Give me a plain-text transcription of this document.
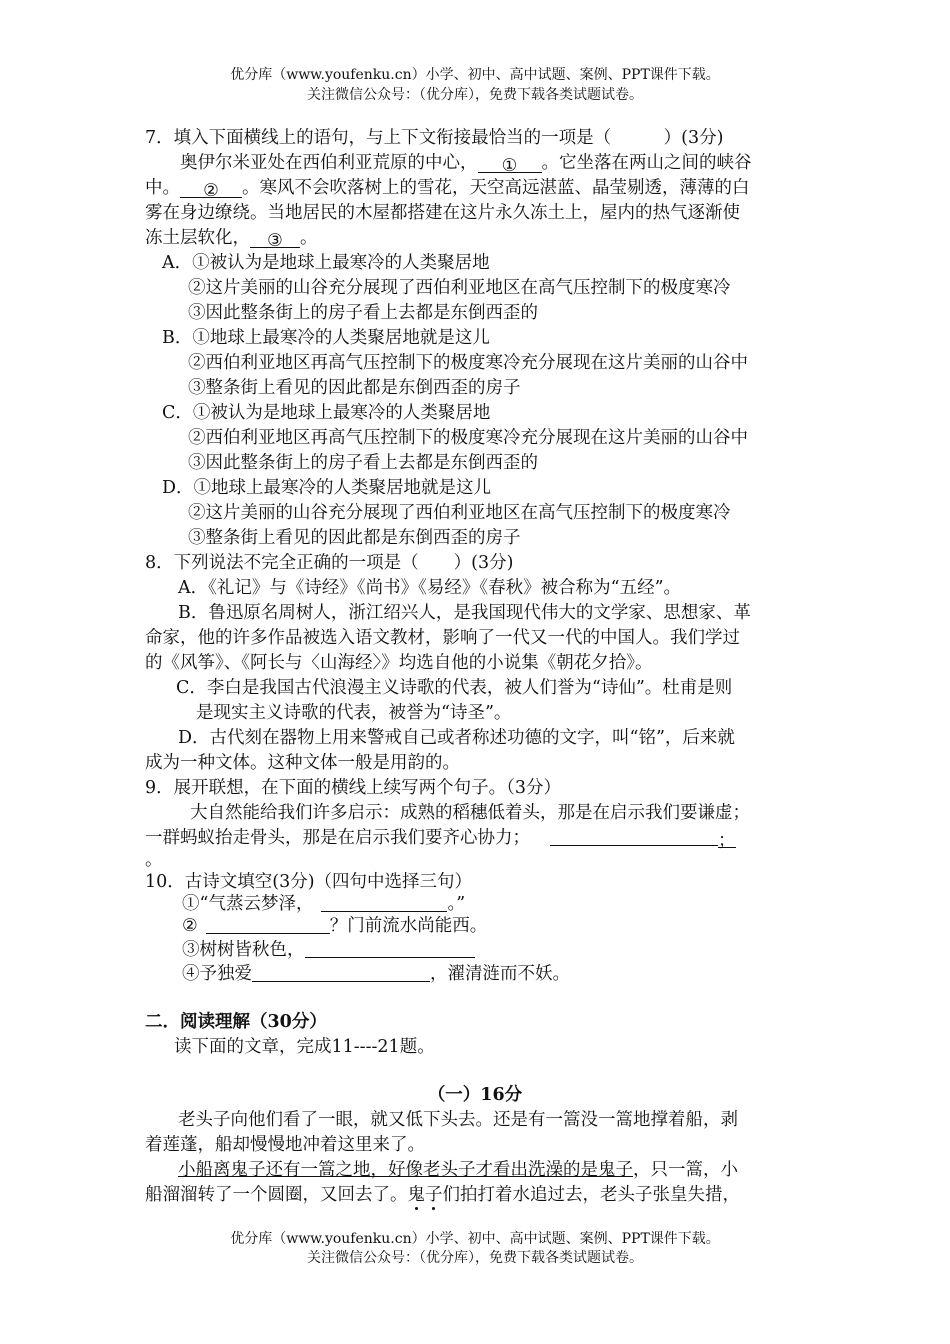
优分库（www.youfenku.cn）小学、初中、高中试题、案例、PPT课件下载。
关注微信公众号：（优分库），免费下载各类试题试卷。
7．填入下面横线上的语句，与上下文衔接最恰当的一项是（　　　）(3分)
奥伊尔米亚处在西伯利亚荒原的中心， ① 。它坐落在两山之间的峡谷
中。 ② 。寒风不会吹落树上的雪花，天空高远湛蓝、晶莹剔透，薄薄的白
雾在身边缭绕。当地居民的木屋都搭建在这片永久冻土上，屋内的热气逐渐使
冻土层软化， ③ 。
A．①被认为是地球上最寒冷的人类聚居地
②这片美丽的山谷充分展现了西伯利亚地区在高气压控制下的极度寒冷
③因此整条街上的房子看上去都是东倒西歪的
B．①地球上最寒冷的人类聚居地就是这儿
②西伯利亚地区再高气压控制下的极度寒冷充分展现在这片美丽的山谷中
③整条街上看见的因此都是东倒西歪的房子
C．①被认为是地球上最寒冷的人类聚居地
②西伯利亚地区再高气压控制下的极度寒冷充分展现在这片美丽的山谷中
③因此整条街上的房子看上去都是东倒西歪的
D．①地球上最寒冷的人类聚居地就是这儿
②这片美丽的山谷充分展现了西伯利亚地区在高气压控制下的极度寒冷
③整条街上看见的因此都是东倒西歪的房子
8．下列说法不完全正确的一项是（　　）(3分)
A．《礼记》与《诗经》《尚书》《易经》《春秋》被合称为“五经”。
B．鲁迅原名周树人，浙江绍兴人，是我国现代伟大的文学家、思想家、革
命家，他的许多作品被选入语文教材，影响了一代又一代的中国人。我们学过
的《风筝》、《阿长与〈山海经〉》均选自他的小说集《朝花夕拾》。
C．李白是我国古代浪漫主义诗歌的代表，被人们誉为“诗仙”。杜甫是则
是现实主义诗歌的代表，被誉为“诗圣”。
D．古代刻在器物上用来警戒自己或者称述功德的文字，叫“铭”，后来就
成为一种文体。这种文体一般是用韵的。
9．展开联想，在下面的横线上续写两个句子。（3分）
大自然能给我们许多启示：成熟的稻穗低着头，那是在启示我们要谦虚；
一群蚂蚁抬走骨头，那是在启示我们要齐心协力；	；
。
10．古诗文填空(3分)（四句中选择三句）
①“气蒸云梦泽，	。”
②	？门前流水尚能西。
③树树皆秋色，
④予独爱	，濯清涟而不妖。
二．阅读理解（30分）
读下面的文章，完成11----21题。
（一）16分
老头子向他们看了一眼，就又低下头去。还是有一篙没一篙地撑着船，剥
着莲蓬，船却慢慢地冲着这里来了。
小船离鬼子还有一篙之地，好像老头子才看出洗澡的是鬼子，只一篙，小
船溜溜转了一个圆圈，又回去了。鬼子们拍打着水追过去，老头子张皇失措，
优分库（www.youfenku.cn）小学、初中、高中试题、案例、PPT课件下载。
关注微信公众号：（优分库），免费下载各类试题试卷。
